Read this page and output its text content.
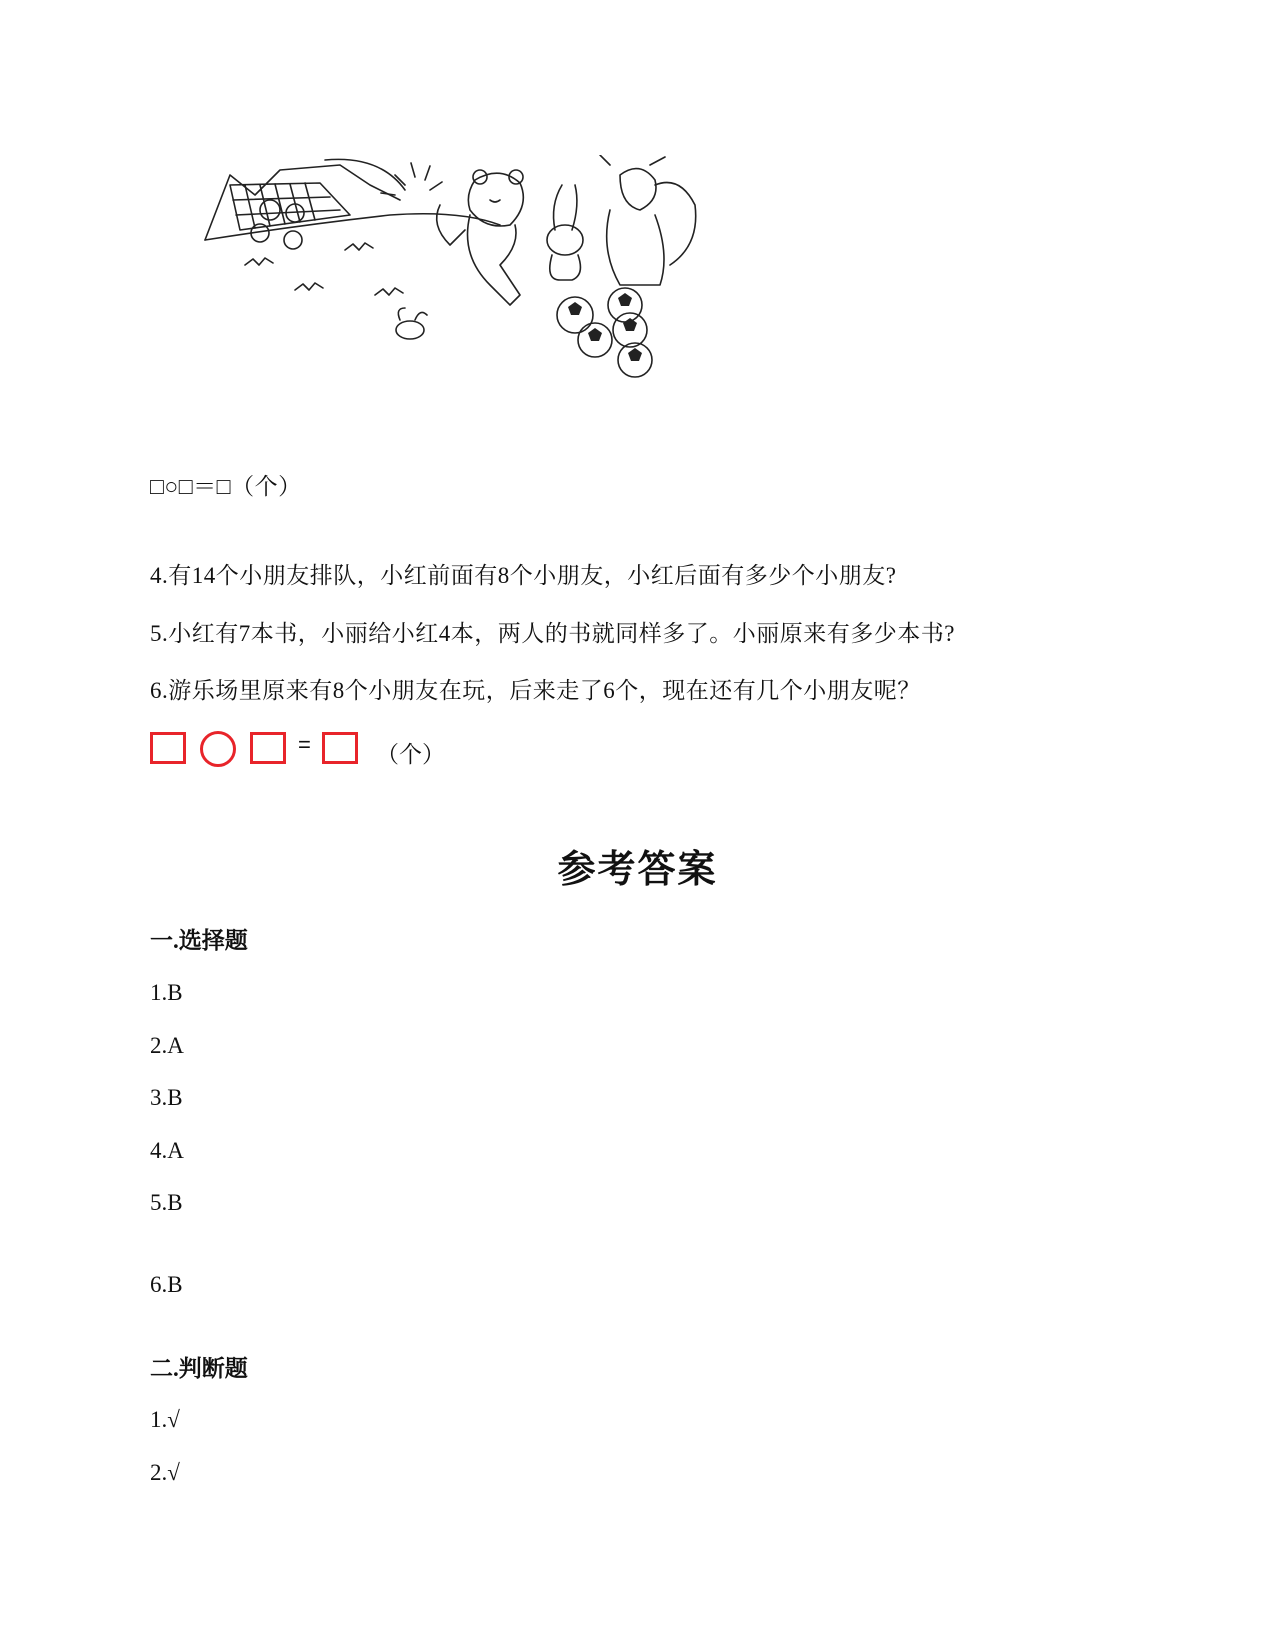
□○□＝□（个）
4.有14个小朋友排队，小红前面有8个小朋友，小红后面有多少个小朋友?
5.小红有7本书，小丽给小红4本，两人的书就同样多了。小丽原来有多少本书?
6.游乐场里原来有8个小朋友在玩，后来走了6个，现在还有几个小朋友呢？
=	（个）
参考答案
一.选择题
1.B
2.A
3.B
4.A
5.B
6.B
二.判断题
1.√
2.√
